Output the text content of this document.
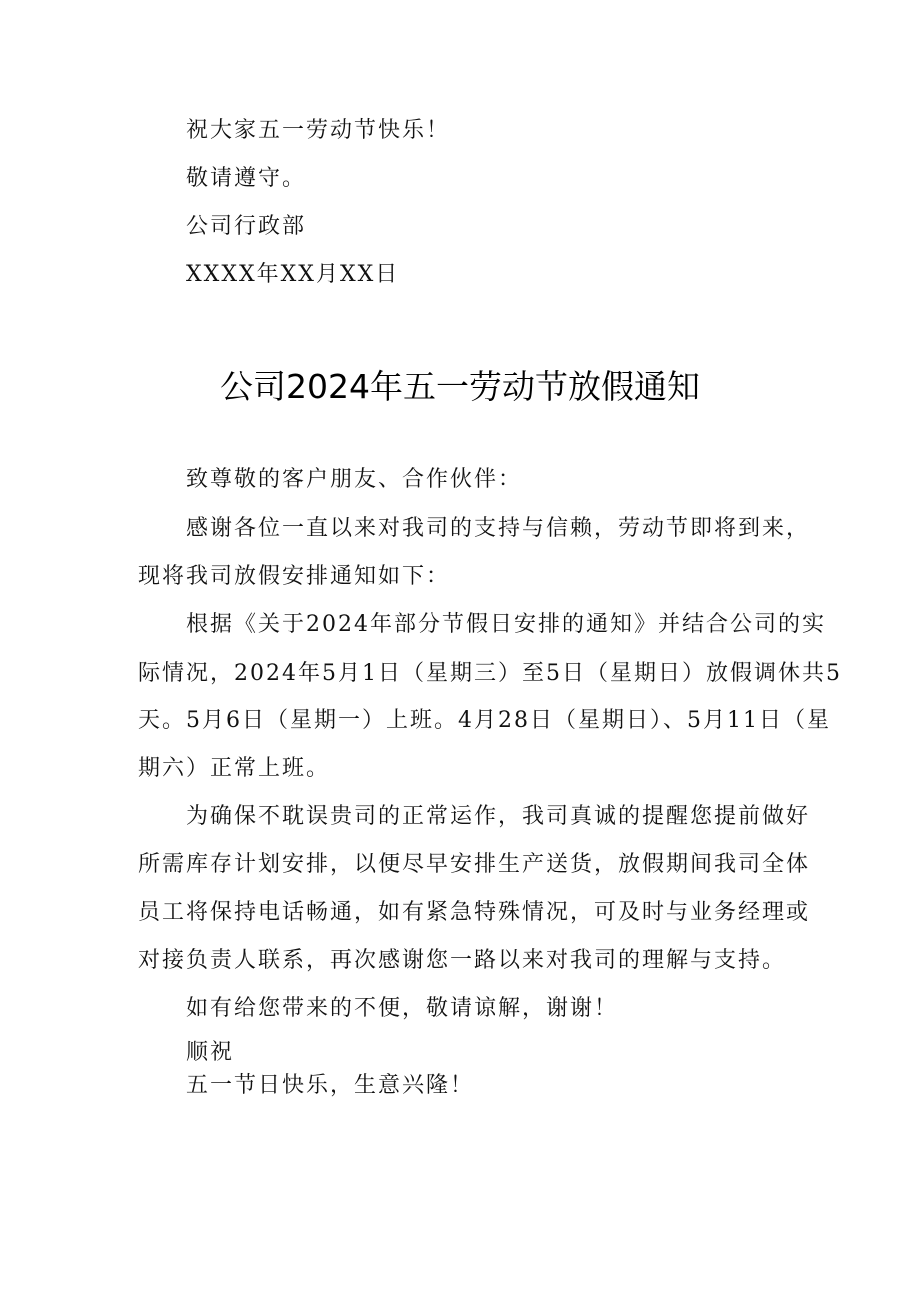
祝大家五一劳动节快乐！
敬请遵守。
公司行政部
XXXX年XX月XX日
公司2024年五一劳动节放假通知
致尊敬的客户朋友、合作伙伴：
感谢各位一直以来对我司的支持与信赖，劳动节即将到来，
现将我司放假安排通知如下：
根据《关于2024年部分节假日安排的通知》并结合公司的实
际情况，2024年5月1日（星期三）至5日（星期日）放假调休共5
天。5月6日（星期一）上班。4月28日（星期日）、5月11日（星
期六）正常上班。
为确保不耽误贵司的正常运作，我司真诚的提醒您提前做好
所需库存计划安排，以便尽早安排生产送货，放假期间我司全体
员工将保持电话畅通，如有紧急特殊情况，可及时与业务经理或
对接负责人联系，再次感谢您一路以来对我司的理解与支持。
如有给您带来的不便，敬请谅解，谢谢！
顺祝
五一节日快乐，生意兴隆！
